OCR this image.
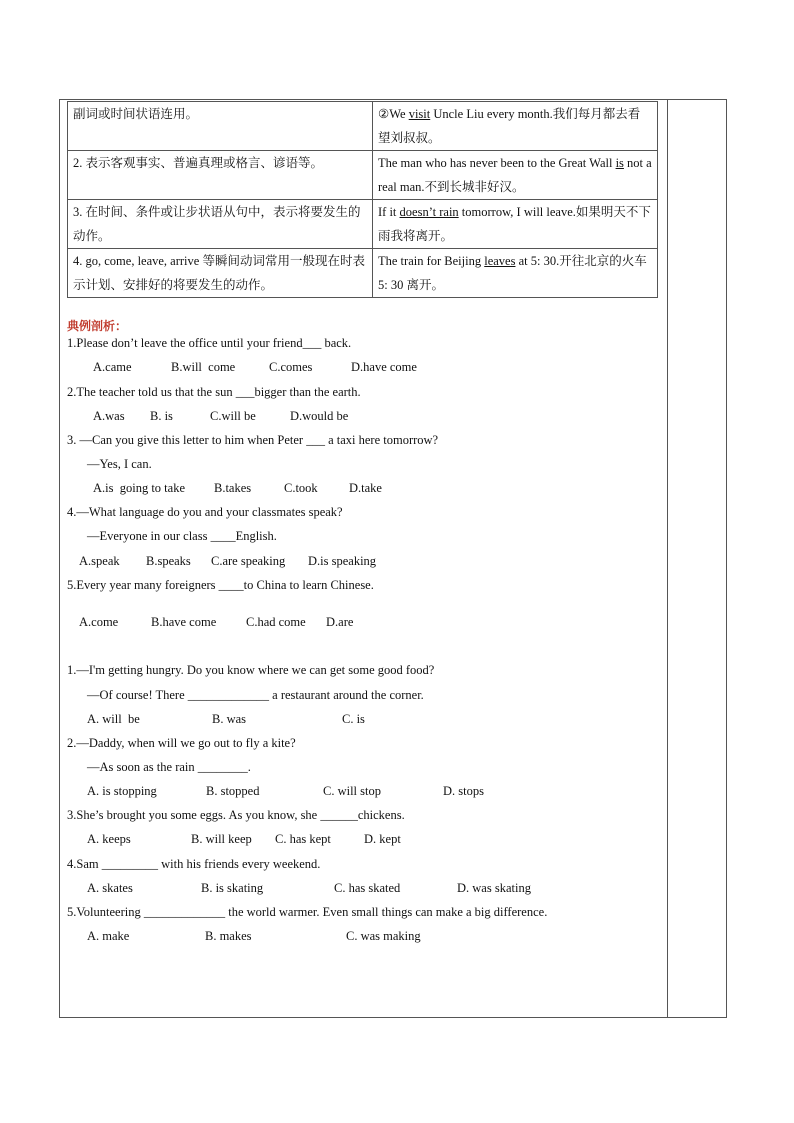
副词或时间状语连用。	②We visit Uncle Liu every month.我们每月都去看望刘叔叔。
2. 表示客观事实、普遍真理或格言、谚语等。	The man who has never been to the Great Wall is not a real man.不到长城非好汉。
3. 在时间、条件或让步状语从句中，表示将要发生的动作。	If it doesn’t rain tomorrow, I will leave.如果明天不下雨我将离开。
4. go, come, leave, arrive 等瞬间动词常用一般现在时表示计划、安排好的将要发生的动作。	The train for Beijing leaves at 5: 30.开往北京的火车 5: 30 离开。
典例剖析：
1.Please don’t leave the office until your friend___ back.
A.came	B.will  come	C.comes	D.have come
2.The teacher told us that the sun ___bigger than the earth.
A.was B. is	C.will be	D.would be
3. —Can you give this letter to him when Peter ___ a taxi here tomorrow?
—Yes, I can.
A.is  going to take B.takes	C.took	D.take
4.—What language do you and your classmates speak?
—Everyone in our class ____English.
A.speak B.speaks C.are speaking D.is speaking
5.Every year many foreigners ____to China to learn Chinese.
A.come	B.have come C.had come D.are
1.—I'm getting hungry. Do you know where we can get some good food?
—Of course! There _____________ a restaurant around the corner.
A. will  be	B. was	C. is
2.—Daddy, when will we go out to fly a kite?
—As soon as the rain ________.
A. is stopping	B. stopped	C. will stop	D. stops
3.She’s brought you some eggs. As you know, she ______chickens.
A. keeps	B. will keep C. has kept	D. kept
4.Sam _________ with his friends every weekend.
A. skates	B. is skating	C. has skated	D. was skating
5.Volunteering _____________ the world warmer. Even small things can make a big difference.
A. make	B. makes	C. was making
